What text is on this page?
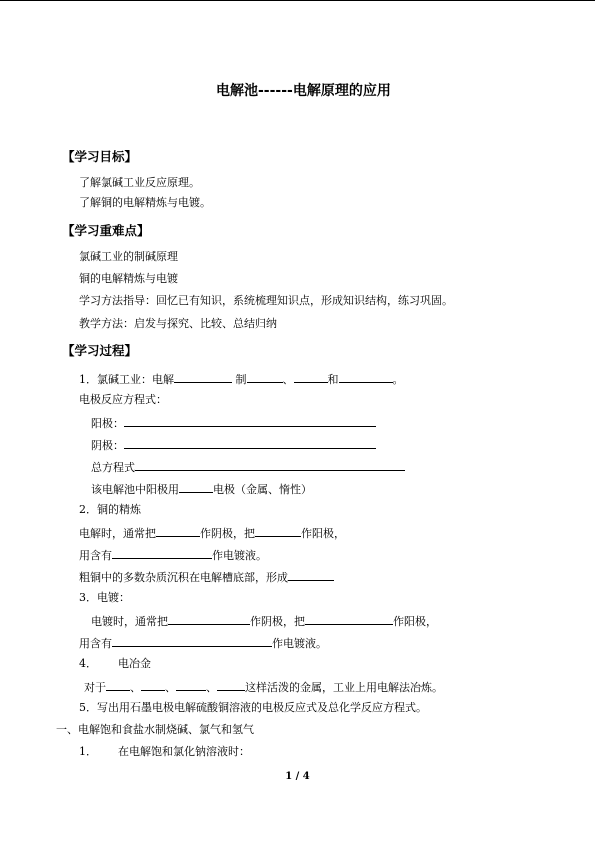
电解池------电解原理的应用
【学习目标】
了解氯碱工业反应原理。
了解铜的电解精炼与电镀。
【学习重难点】
氯碱工业的制碱原理
铜的电解精炼与电镀
学习方法指导：回忆已有知识，系统梳理知识点，形成知识结构，练习巩固。
教学方法：启发与探究、比较、总结归纳
【学习过程】
1．氯碱工业：电解	制	、	和	。
电极反应方程式：
阳极：
阴极：
总方程式
该电解池中阳极用	电极（金属、惰性）
2．铜的精炼
电解时，通常把	作阴极，把	作阳极，
用含有	作电镀液。
粗铜中的多数杂质沉积在电解槽底部，形成
3．电镀：
电镀时，通常把	作阴极，把	作阳极，
用含有	作电镀液。
4． 电冶金
对于 、 、	、	这样活泼的金属，工业上用电解法冶炼。
5．写出用石墨电极电解硫酸铜溶液的电极反应式及总化学反应方程式。
一、电解饱和食盐水制烧碱、氯气和氢气
1． 在电解饱和氯化钠溶液时：
1 / 4
